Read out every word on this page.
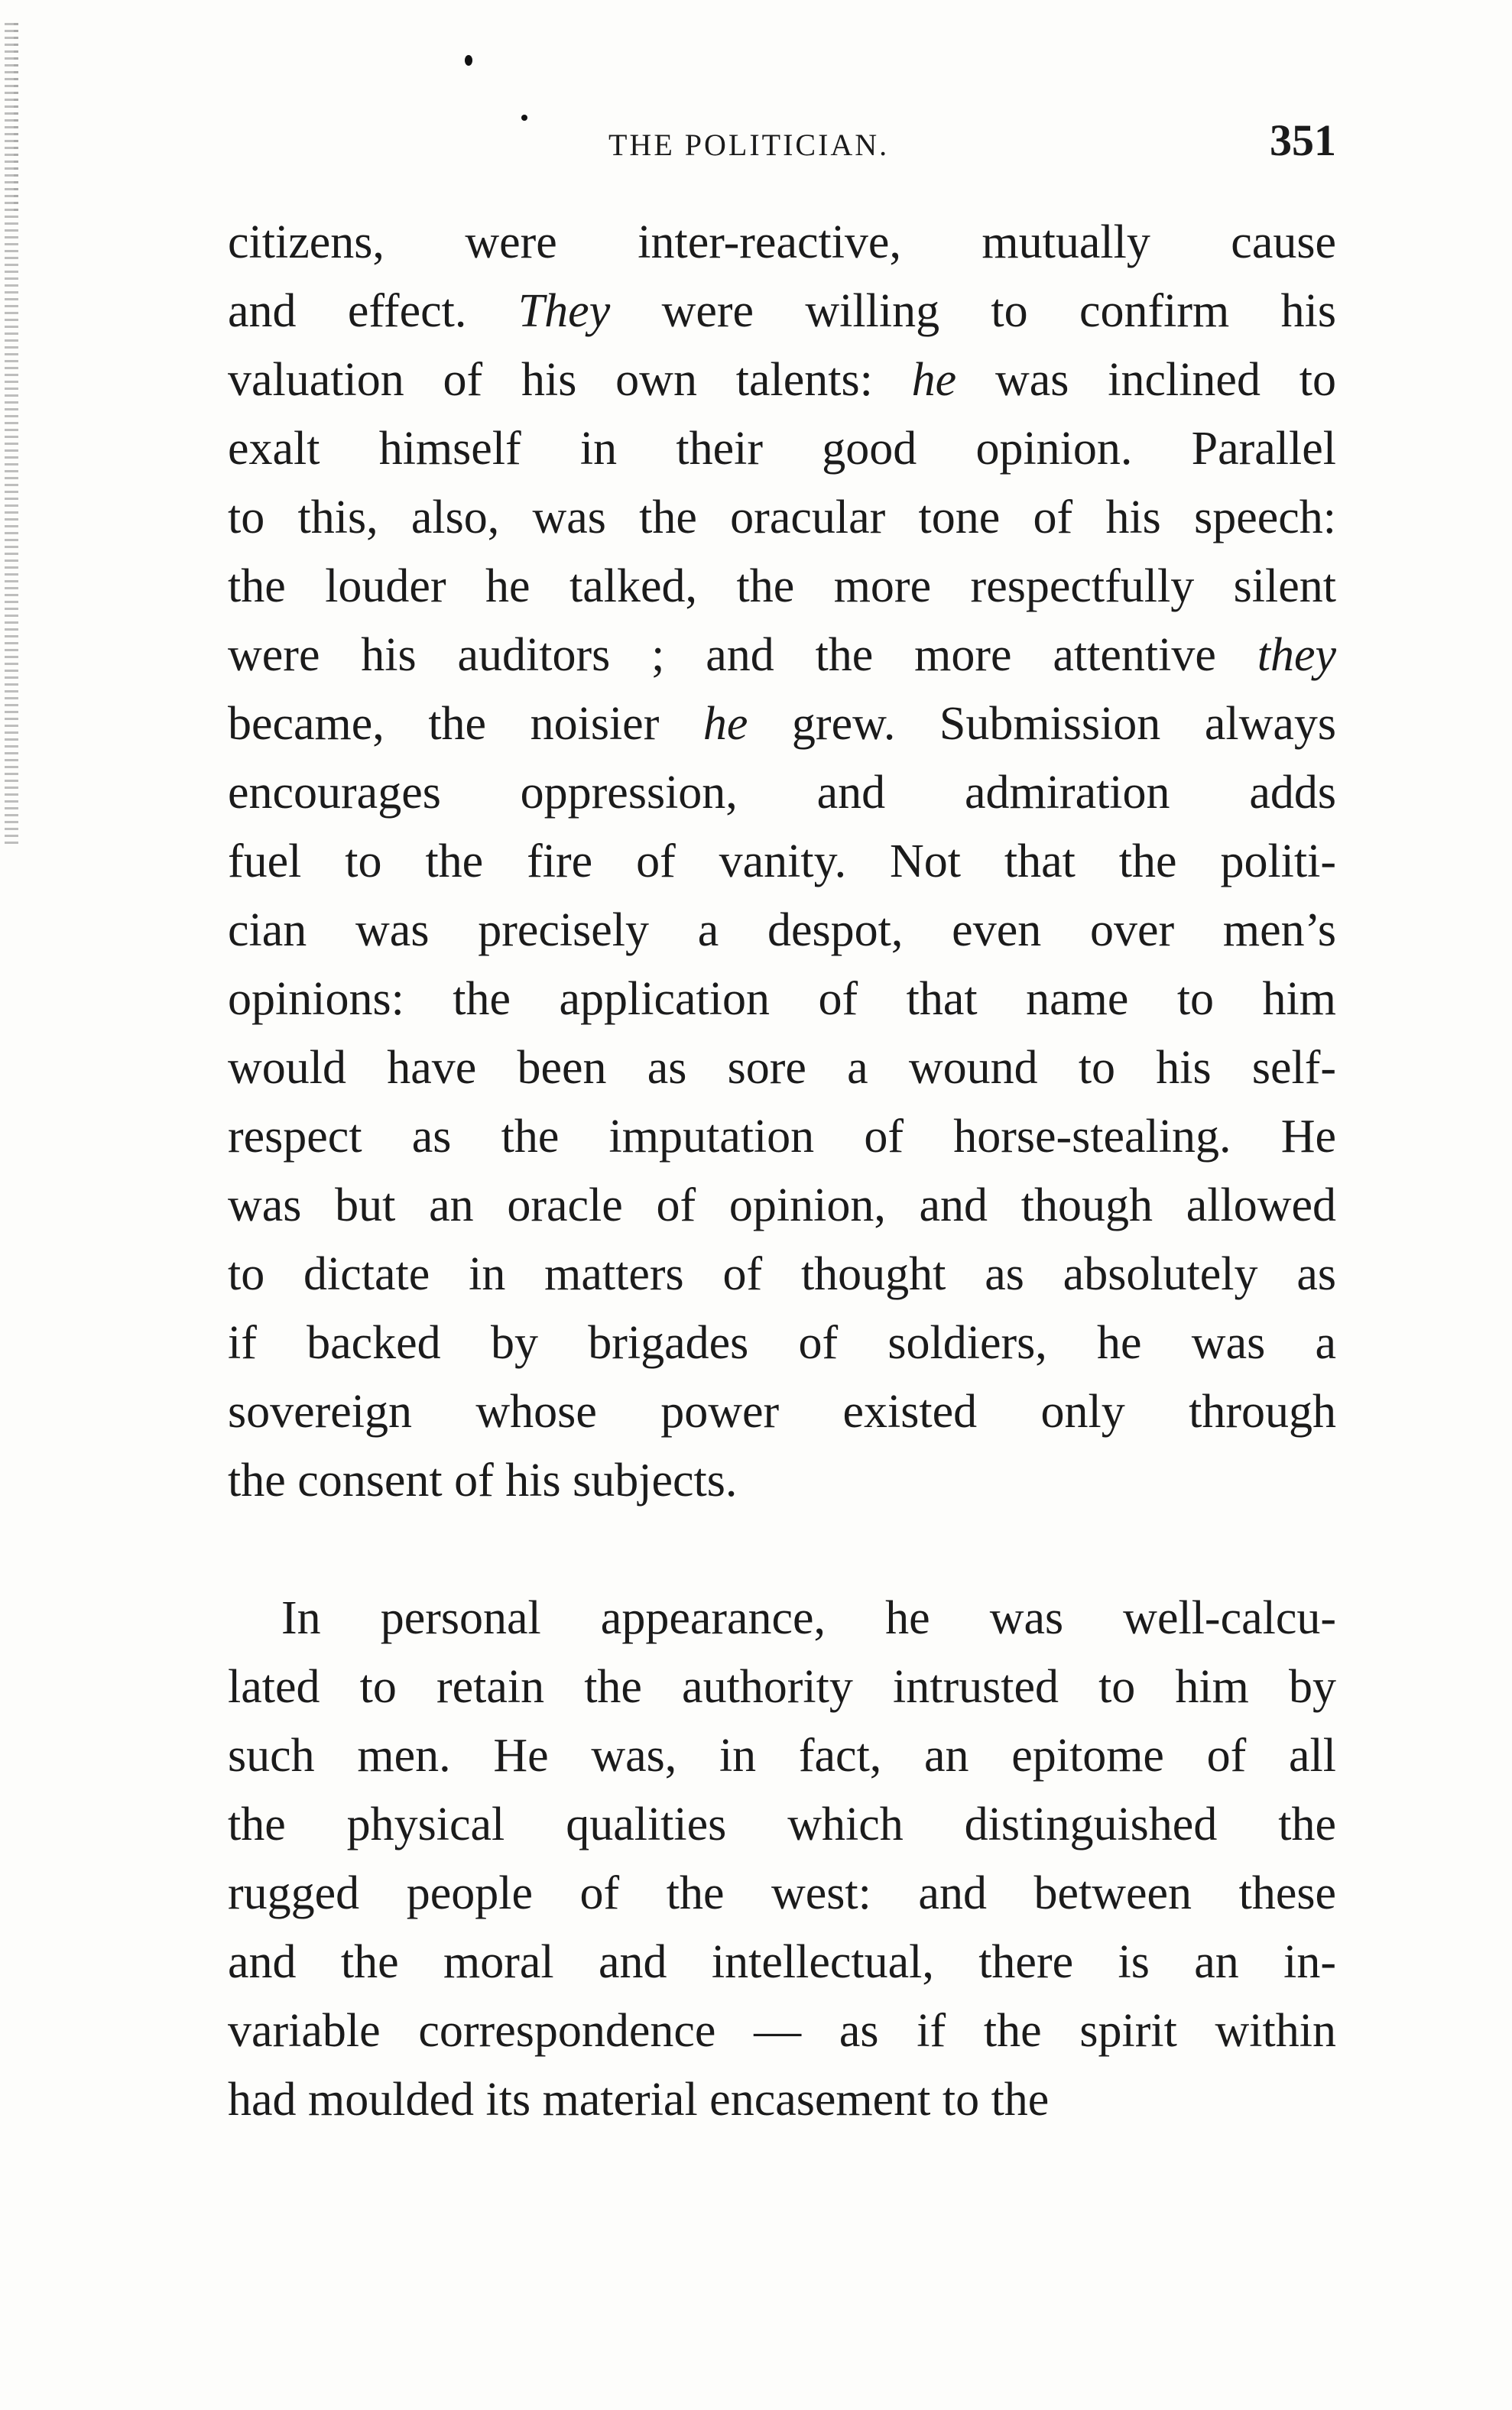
THE POLITICIAN.	351
citizens, were inter-reactive, mutually cause
and effect. They were willing to confirm his
valuation of his own talents: he was inclined to
exalt himself in their good opinion. Parallel
to this, also, was the oracular tone of his speech:
the louder he talked, the more respectfully silent
were his auditors ; and the more attentive they
became, the noisier he grew. Submission always
encourages oppression, and admiration adds
fuel to the fire of vanity. Not that the politi-
cian was precisely a despot, even over men’s
opinions: the application of that name to him
would have been as sore a wound to his self-
respect as the imputation of horse-stealing. He
was but an oracle of opinion, and though allowed
to dictate in matters of thought as absolutely as
if backed by brigades of soldiers, he was a
sovereign whose power existed only through
the consent of his subjects.
In personal appearance, he was well-calcu-
lated to retain the authority intrusted to him by
such men. He was, in fact, an epitome of all
the physical qualities which distinguished the
rugged people of the west: and between these
and the moral and intellectual, there is an in-
variable correspondence — as if the spirit within
had moulded its material encasement to the
